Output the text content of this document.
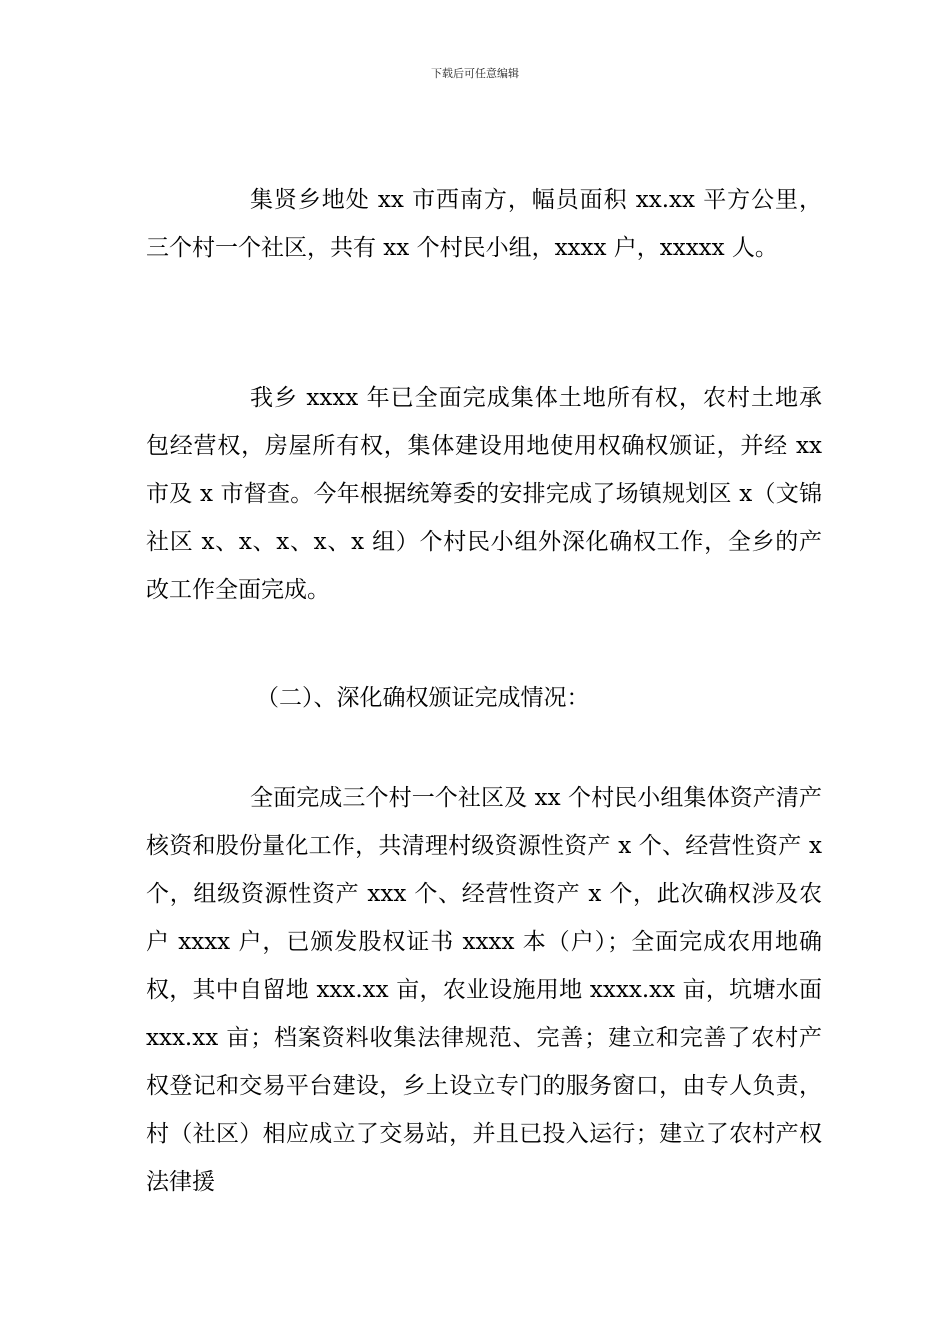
下载后可任意编辑

集贤乡地处 xx 市西南方，幅员面积 xx.xx 平方公里，三个村一个社区，共有 xx 个村民小组，xxxx 户，xxxxx 人。

我乡 xxxx 年已全面完成集体土地所有权，农村土地承包经营权，房屋所有权，集体建设用地使用权确权颁证，并经 xx 市及 x 市督查。今年根据统筹委的安排完成了场镇规划区 x（文锦社区 x、x、x、x、x 组）个村民小组外深化确权工作，全乡的产改工作全面完成。

（二）、深化确权颁证完成情况：

全面完成三个村一个社区及 xx 个村民小组集体资产清产核资和股份量化工作，共清理村级资源性资产 x 个、经营性资产 x 个，组级资源性资产 xxx 个、经营性资产 x 个，此次确权涉及农户 xxxx 户，已颁发股权证书 xxxx 本（户）；全面完成农用地确权，其中自留地 xxx.xx 亩，农业设施用地 xxxx.xx 亩，坑塘水面 xxx.xx 亩；档案资料收集法律规范、完善；建立和完善了农村产权登记和交易平台建设，乡上设立专门的服务窗口，由专人负责，村（社区）相应成立了交易站，并且已投入运行；建立了农村产权法律援
